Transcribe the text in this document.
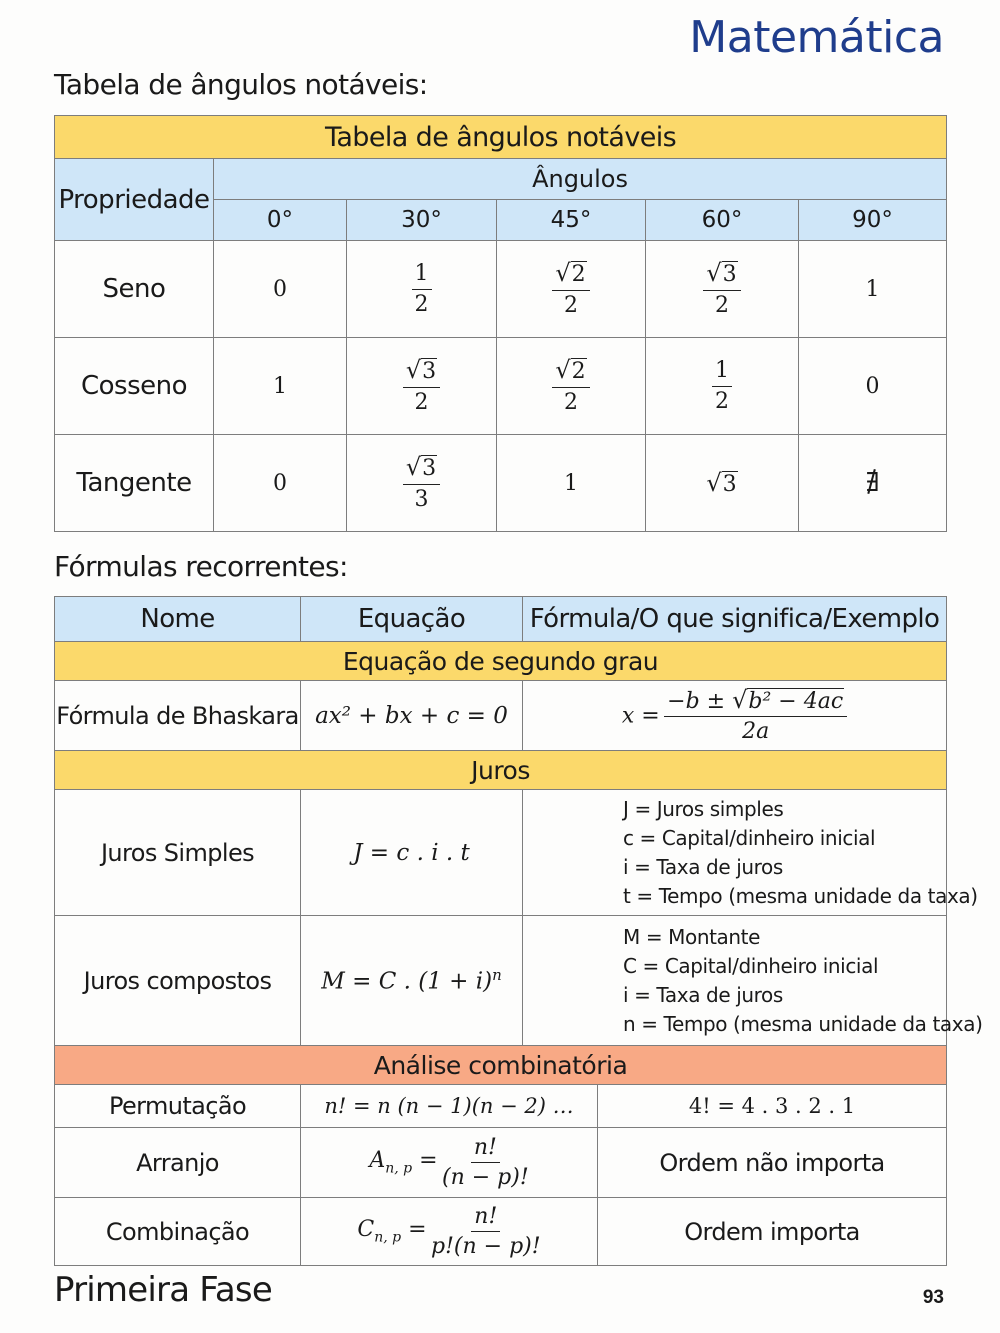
Matemática
Tabela de ângulos notáveis:
Tabela de ângulos notáveis					
Propriedade	Ângulos				
	0°	30°	45°	60°	90°
Seno	0	$\frac{1}{2}$	$\frac{√2}{2}$	$\frac{√3}{2}$	1
Cosseno	1	$\frac{√3}{2}$	$\frac{√2}{2}$	$\frac{1}{2}$	0
Tangente	0	$\frac{√3}{3}$	1	√3	∄
Fórmulas recorrentes:
Nome	Equação	Fórmula/O que significa/Exemplo	
Equação de segundo grau			
Fórmula de Bhaskara	ax² + bx + c = 0	$x = \frac{\text{−b ± √b² − 4ac}}{2a}$

Juros			
Juros Simples	J = c . i . t	J = Juros simples
c = Capital/dinheiro inicial
i = Taxa de juros
t = Tempo (mesma unidade da taxa)	

Juros compostos	M = C . $(1 + i)^n$	M = Montante
C = Capital/dinheiro inicial
i = Taxa de juros
n = Tempo (mesma unidade da taxa)	

Análise combinatória			
Permutação	n! = n (n − 1)(n − 2) …		4! = 4 . 3 . 2 . 1
Arranjo	$A_{n, p} = \frac{n!}{(n - p)!}$		Ordem não importa
Combinação	$C_{n, p} = \frac{n!}{p!(n - p)!}$		Ordem importa
Primeira Fase	93
